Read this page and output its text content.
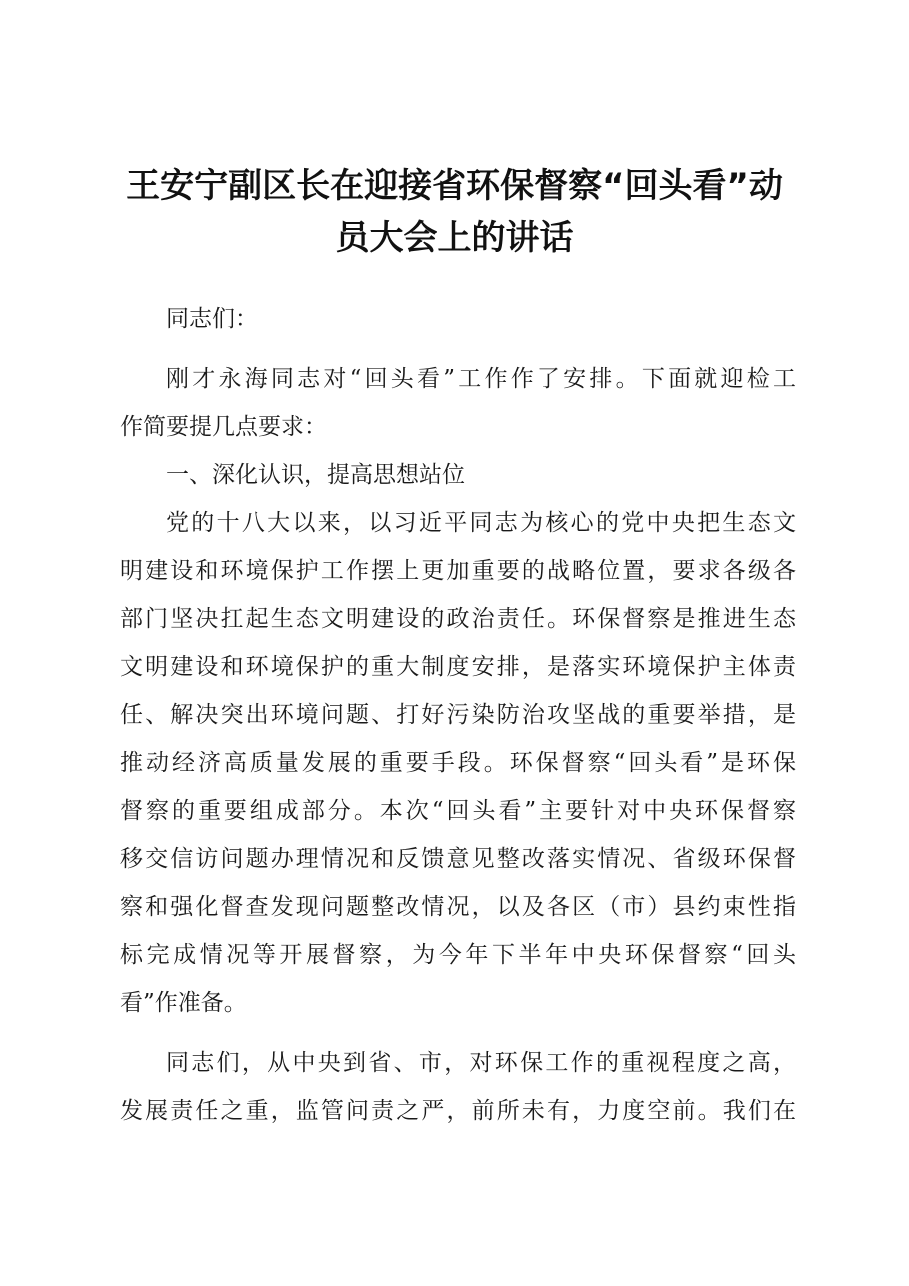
王安宁副区长在迎接省环保督察“回头看”动
员大会上的讲话
同志们：
刚才永海同志对“回头看”工作作了安排。下面就迎检工
作简要提几点要求：
一、深化认识，提高思想站位
党的十八大以来，以习近平同志为核心的党中央把生态文
明建设和环境保护工作摆上更加重要的战略位置，要求各级各
部门坚决扛起生态文明建设的政治责任。环保督察是推进生态
文明建设和环境保护的重大制度安排，是落实环境保护主体责
任、解决突出环境问题、打好污染防治攻坚战的重要举措，是
推动经济高质量发展的重要手段。环保督察“回头看”是环保
督察的重要组成部分。本次“回头看”主要针对中央环保督察
移交信访问题办理情况和反馈意见整改落实情况、省级环保督
察和强化督查发现问题整改情况，以及各区（市）县约束性指
标完成情况等开展督察，为今年下半年中央环保督察“回头
看”作准备。
同志们，从中央到省、市，对环保工作的重视程度之高，
发展责任之重，监管问责之严，前所未有，力度空前。我们在
